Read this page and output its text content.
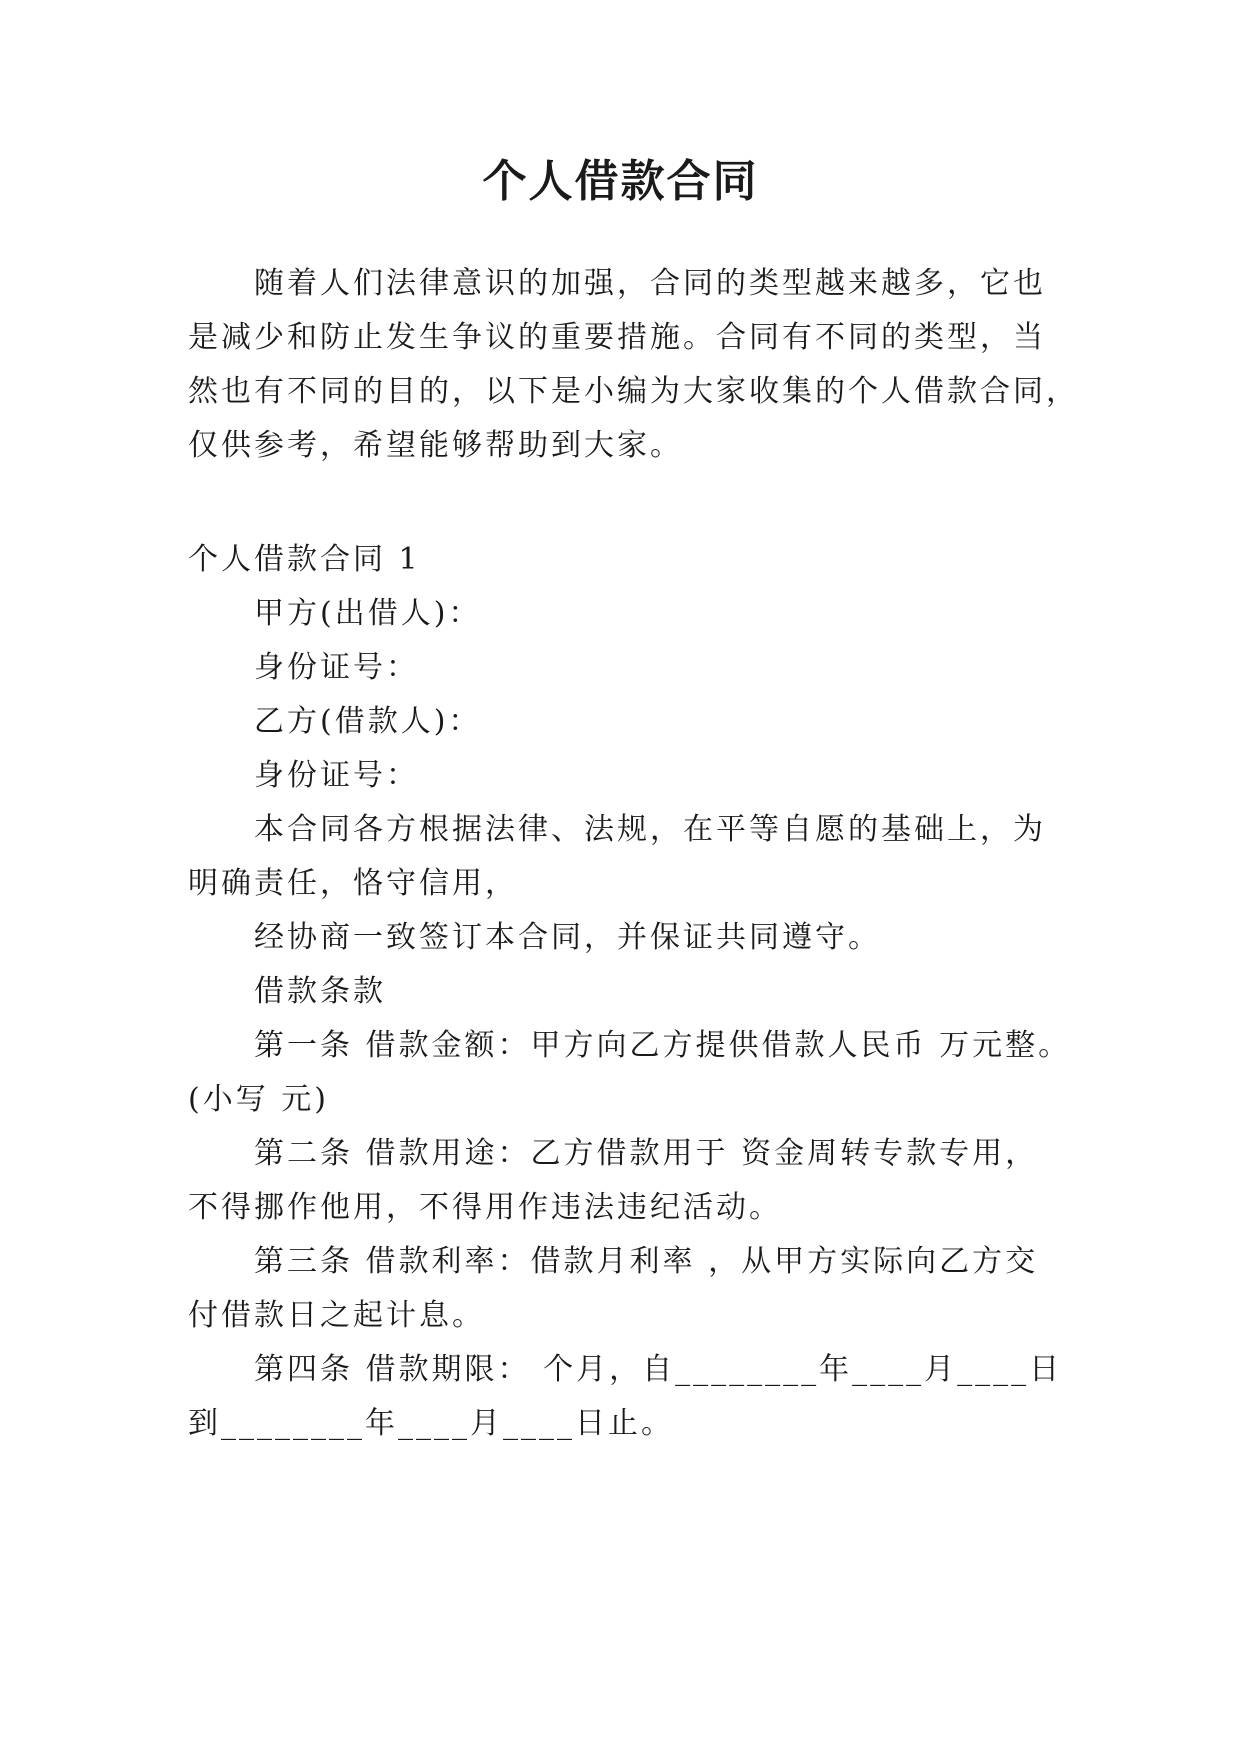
个人借款合同

随着人们法律意识的加强，合同的类型越来越多，它也

是减少和防止发生争议的重要措施。合同有不同的类型，当

然也有不同的目的，以下是小编为大家收集的个人借款合同，

仅供参考，希望能够帮助到大家。

个人借款合同 1

甲方(出借人)：

身份证号：

乙方(借款人)：

身份证号：

本合同各方根据法律、法规，在平等自愿的基础上，为

明确责任，恪守信用，

经协商一致签订本合同，并保证共同遵守。

借款条款

第一条 借款金额：甲方向乙方提供借款人民币 万元整。

(小写 元)

第二条 借款用途：乙方借款用于 资金周转专款专用，

不得挪作他用，不得用作违法违纪活动。

第三条 借款利率：借款月利率 ，从甲方实际向乙方交

付借款日之起计息。

第四条 借款期限： 个月，自________年____月____日

到________年____月____日止。
